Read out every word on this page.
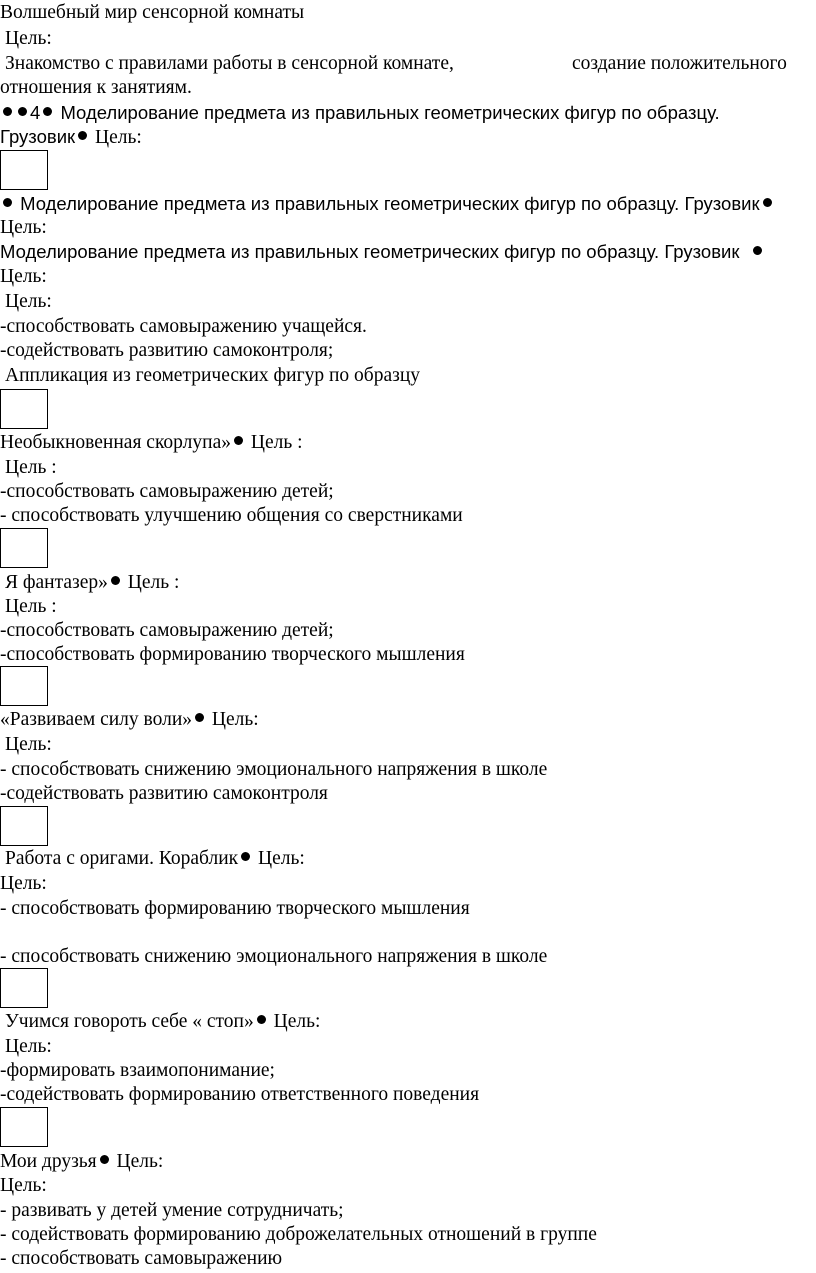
Волшебный мир сенсорной комнаты
Цель:
Знакомство с правилами работы в сенсорной комнате,	создание положительного
отношения к занятиям.
4 Моделирование предмета из правильных геометрических фигур по образцу.
Грузовик Цель:
Моделирование предмета из правильных геометрических фигур по образцу. Грузовик
Цель:
Моделирование предмета из правильных геометрических фигур по образцу. Грузовик
Цель:
Цель:
-способствовать самовыражению учащейся.
-содействовать развитию самоконтроля;
Аппликация из геометрических фигур по образцу
Необыкновенная скорлупа» Цель :
Цель :
-способствовать самовыражению детей;
- способствовать улучшению общения со сверстниками
Я фантазер» Цель :
Цель :
-способствовать самовыражению детей;
-способствовать формированию творческого мышления
«Развиваем силу воли» Цель:
Цель:
- способствовать снижению эмоционального напряжения в школе
-содействовать развитию самоконтроля
Работа с оригами. Кораблик Цель:
Цель:
- способствовать формированию творческого мышления
- способствовать снижению эмоционального напряжения в школе
Учимся говороть себе « стоп» Цель:
Цель:
-формировать взаимопонимание;
-содействовать формированию ответственного поведения
Мои друзья Цель:
Цель:
- развивать у детей умение сотрудничать;
- содействовать формированию доброжелательных отношений в группе
- способствовать самовыражению
